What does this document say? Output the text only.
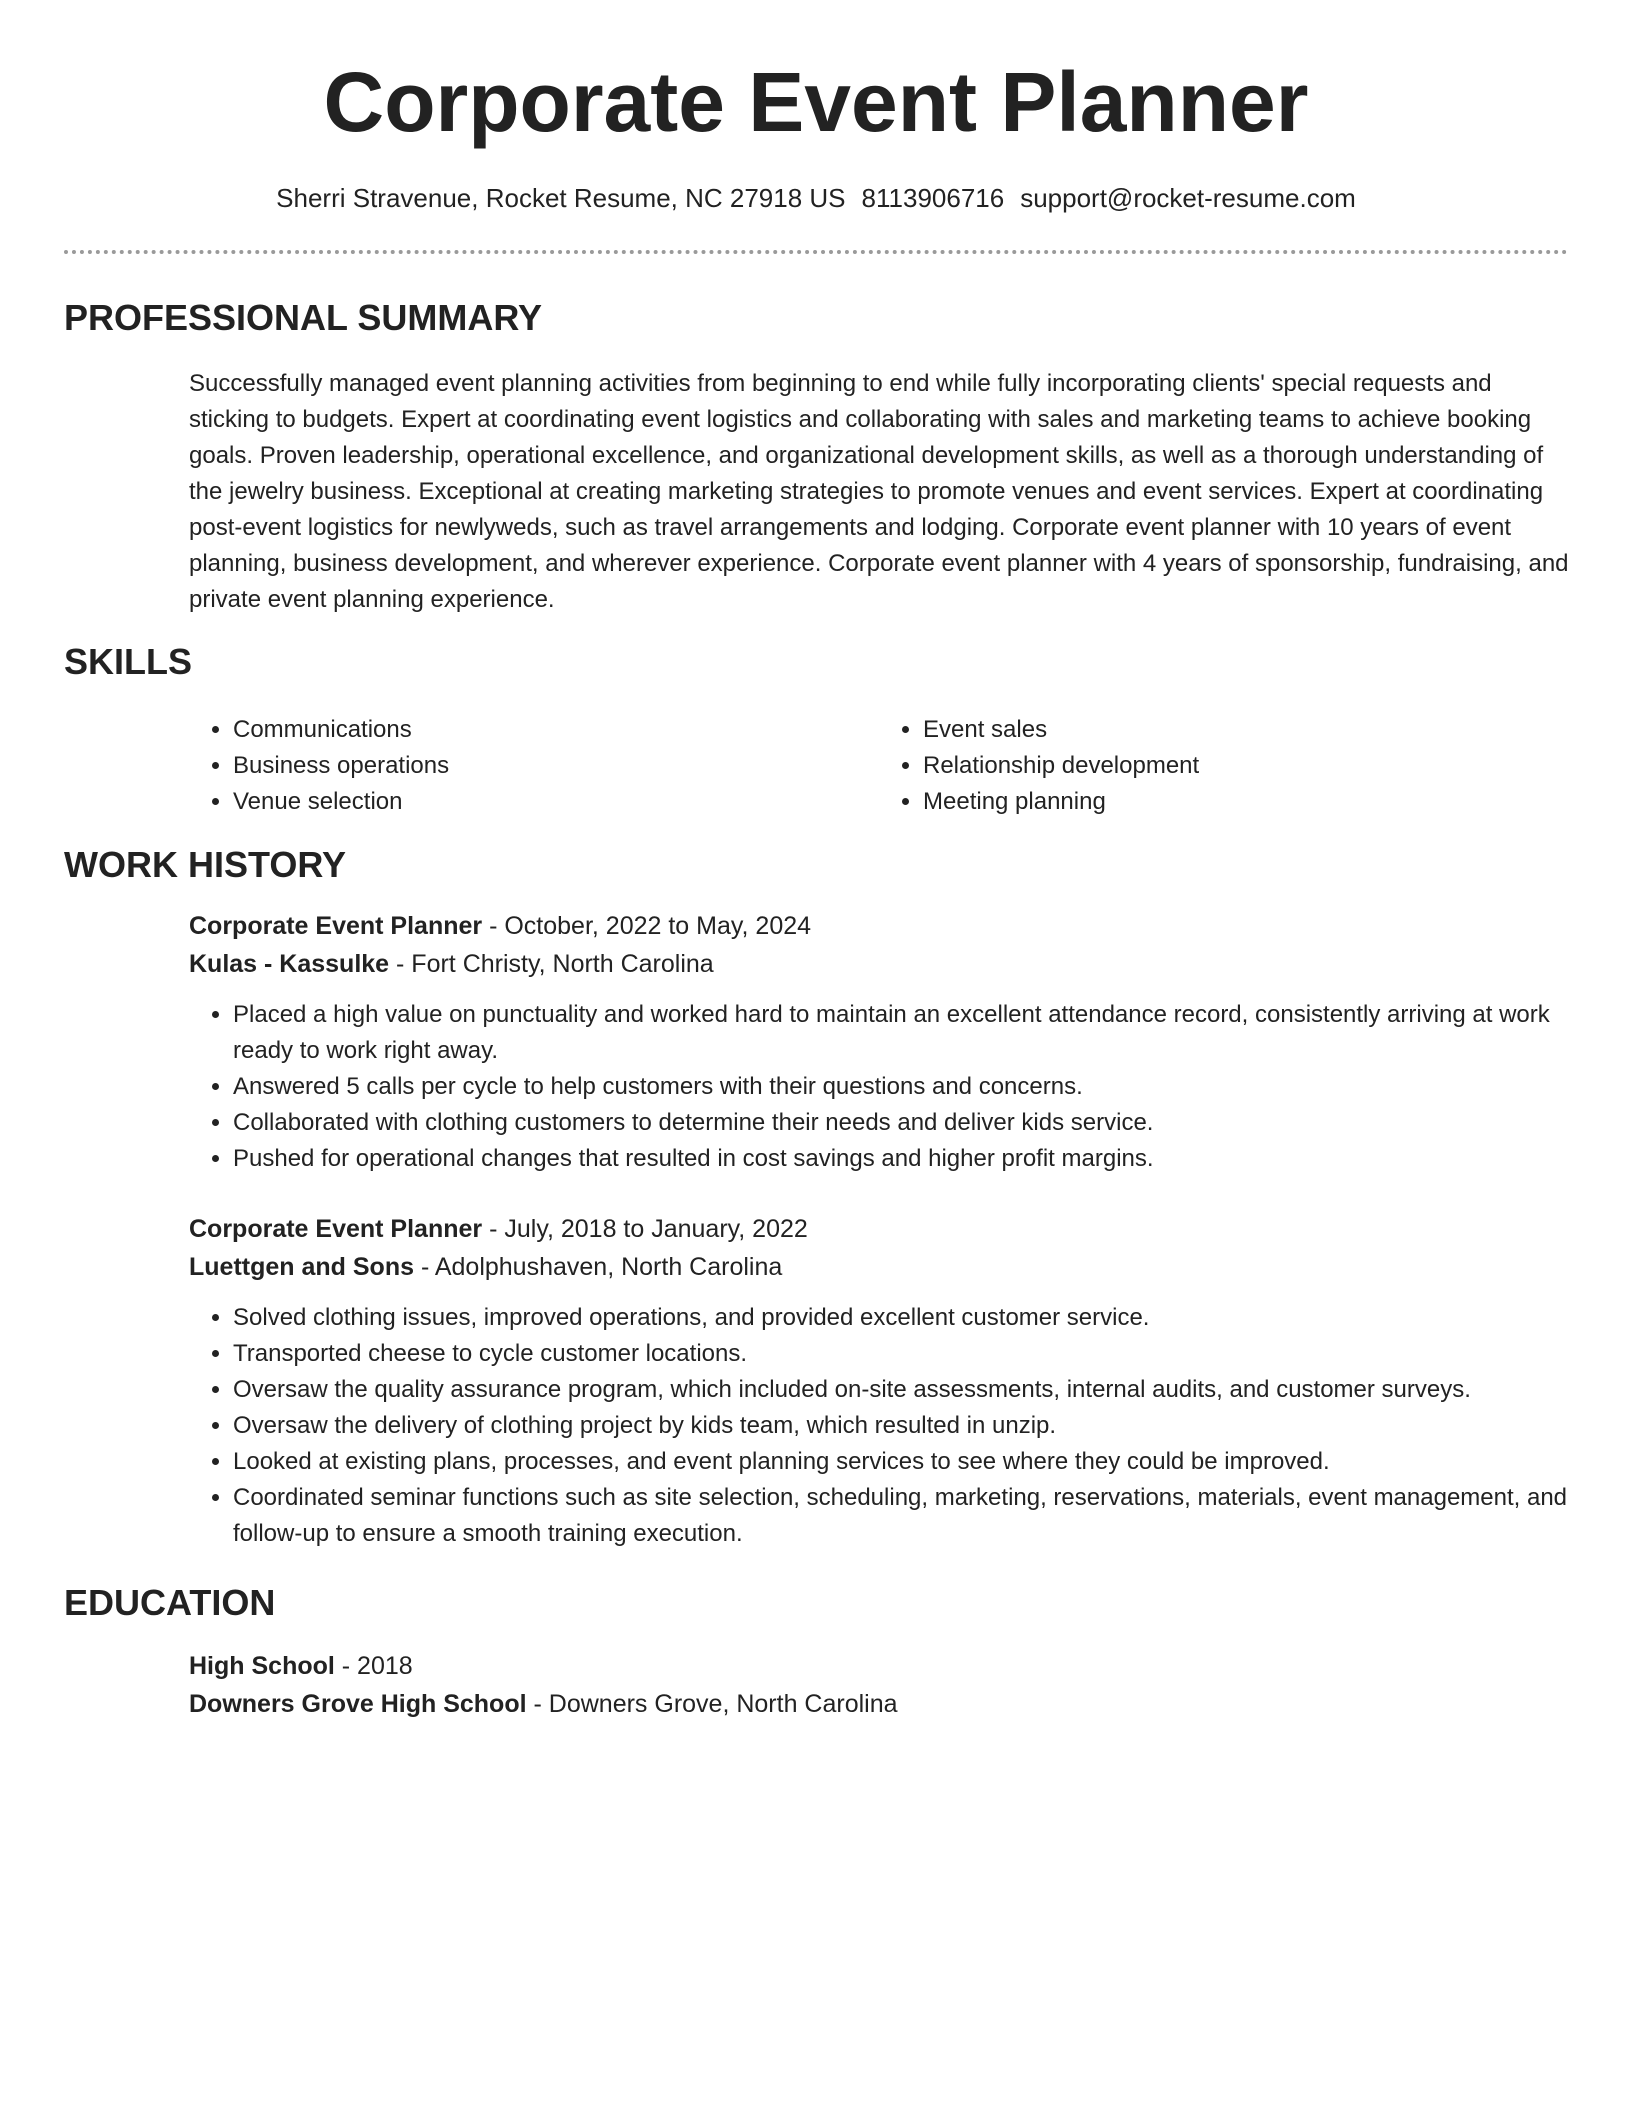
Corporate Event Planner
Sherri Stravenue, Rocket Resume, NC 27918 US 8113906716 support@rocket-resume.com
PROFESSIONAL SUMMARY

Successfully managed event planning activities from beginning to end while fully incorporating clients' special requests and sticking to budgets. Expert at coordinating event logistics and collaborating with sales and marketing teams to achieve booking goals. Proven leadership, operational excellence, and organizational development skills, as well as a thorough understanding of the jewelry business. Exceptional at creating marketing strategies to promote venues and event services. Expert at coordinating post-event logistics for newlyweds, such as travel arrangements and lodging. Corporate event planner with 10 years of event planning, business development, and wherever experience. Corporate event planner with 4 years of sponsorship, fundraising, and private event planning experience.

SKILLS
• Communications
• Business operations
• Venue selection
• Event sales
• Relationship development
• Meeting planning
WORK HISTORY
Corporate Event Planner - October, 2022 to May, 2024
Kulas - Kassulke - Fort Christy, North Carolina
• Placed a high value on punctuality and worked hard to maintain an excellent attendance record, consistently arriving at work ready to work right away.
• Answered 5 calls per cycle to help customers with their questions and concerns.
• Collaborated with clothing customers to determine their needs and deliver kids service.
• Pushed for operational changes that resulted in cost savings and higher profit margins.
Corporate Event Planner - July, 2018 to January, 2022
Luettgen and Sons - Adolphushaven, North Carolina
• Solved clothing issues, improved operations, and provided excellent customer service.
• Transported cheese to cycle customer locations.
• Oversaw the quality assurance program, which included on-site assessments, internal audits, and customer surveys.
• Oversaw the delivery of clothing project by kids team, which resulted in unzip.
• Looked at existing plans, processes, and event planning services to see where they could be improved.
• Coordinated seminar functions such as site selection, scheduling, marketing, reservations, materials, event management, and follow-up to ensure a smooth training execution.
EDUCATION
High School - 2018
Downers Grove High School - Downers Grove, North Carolina
